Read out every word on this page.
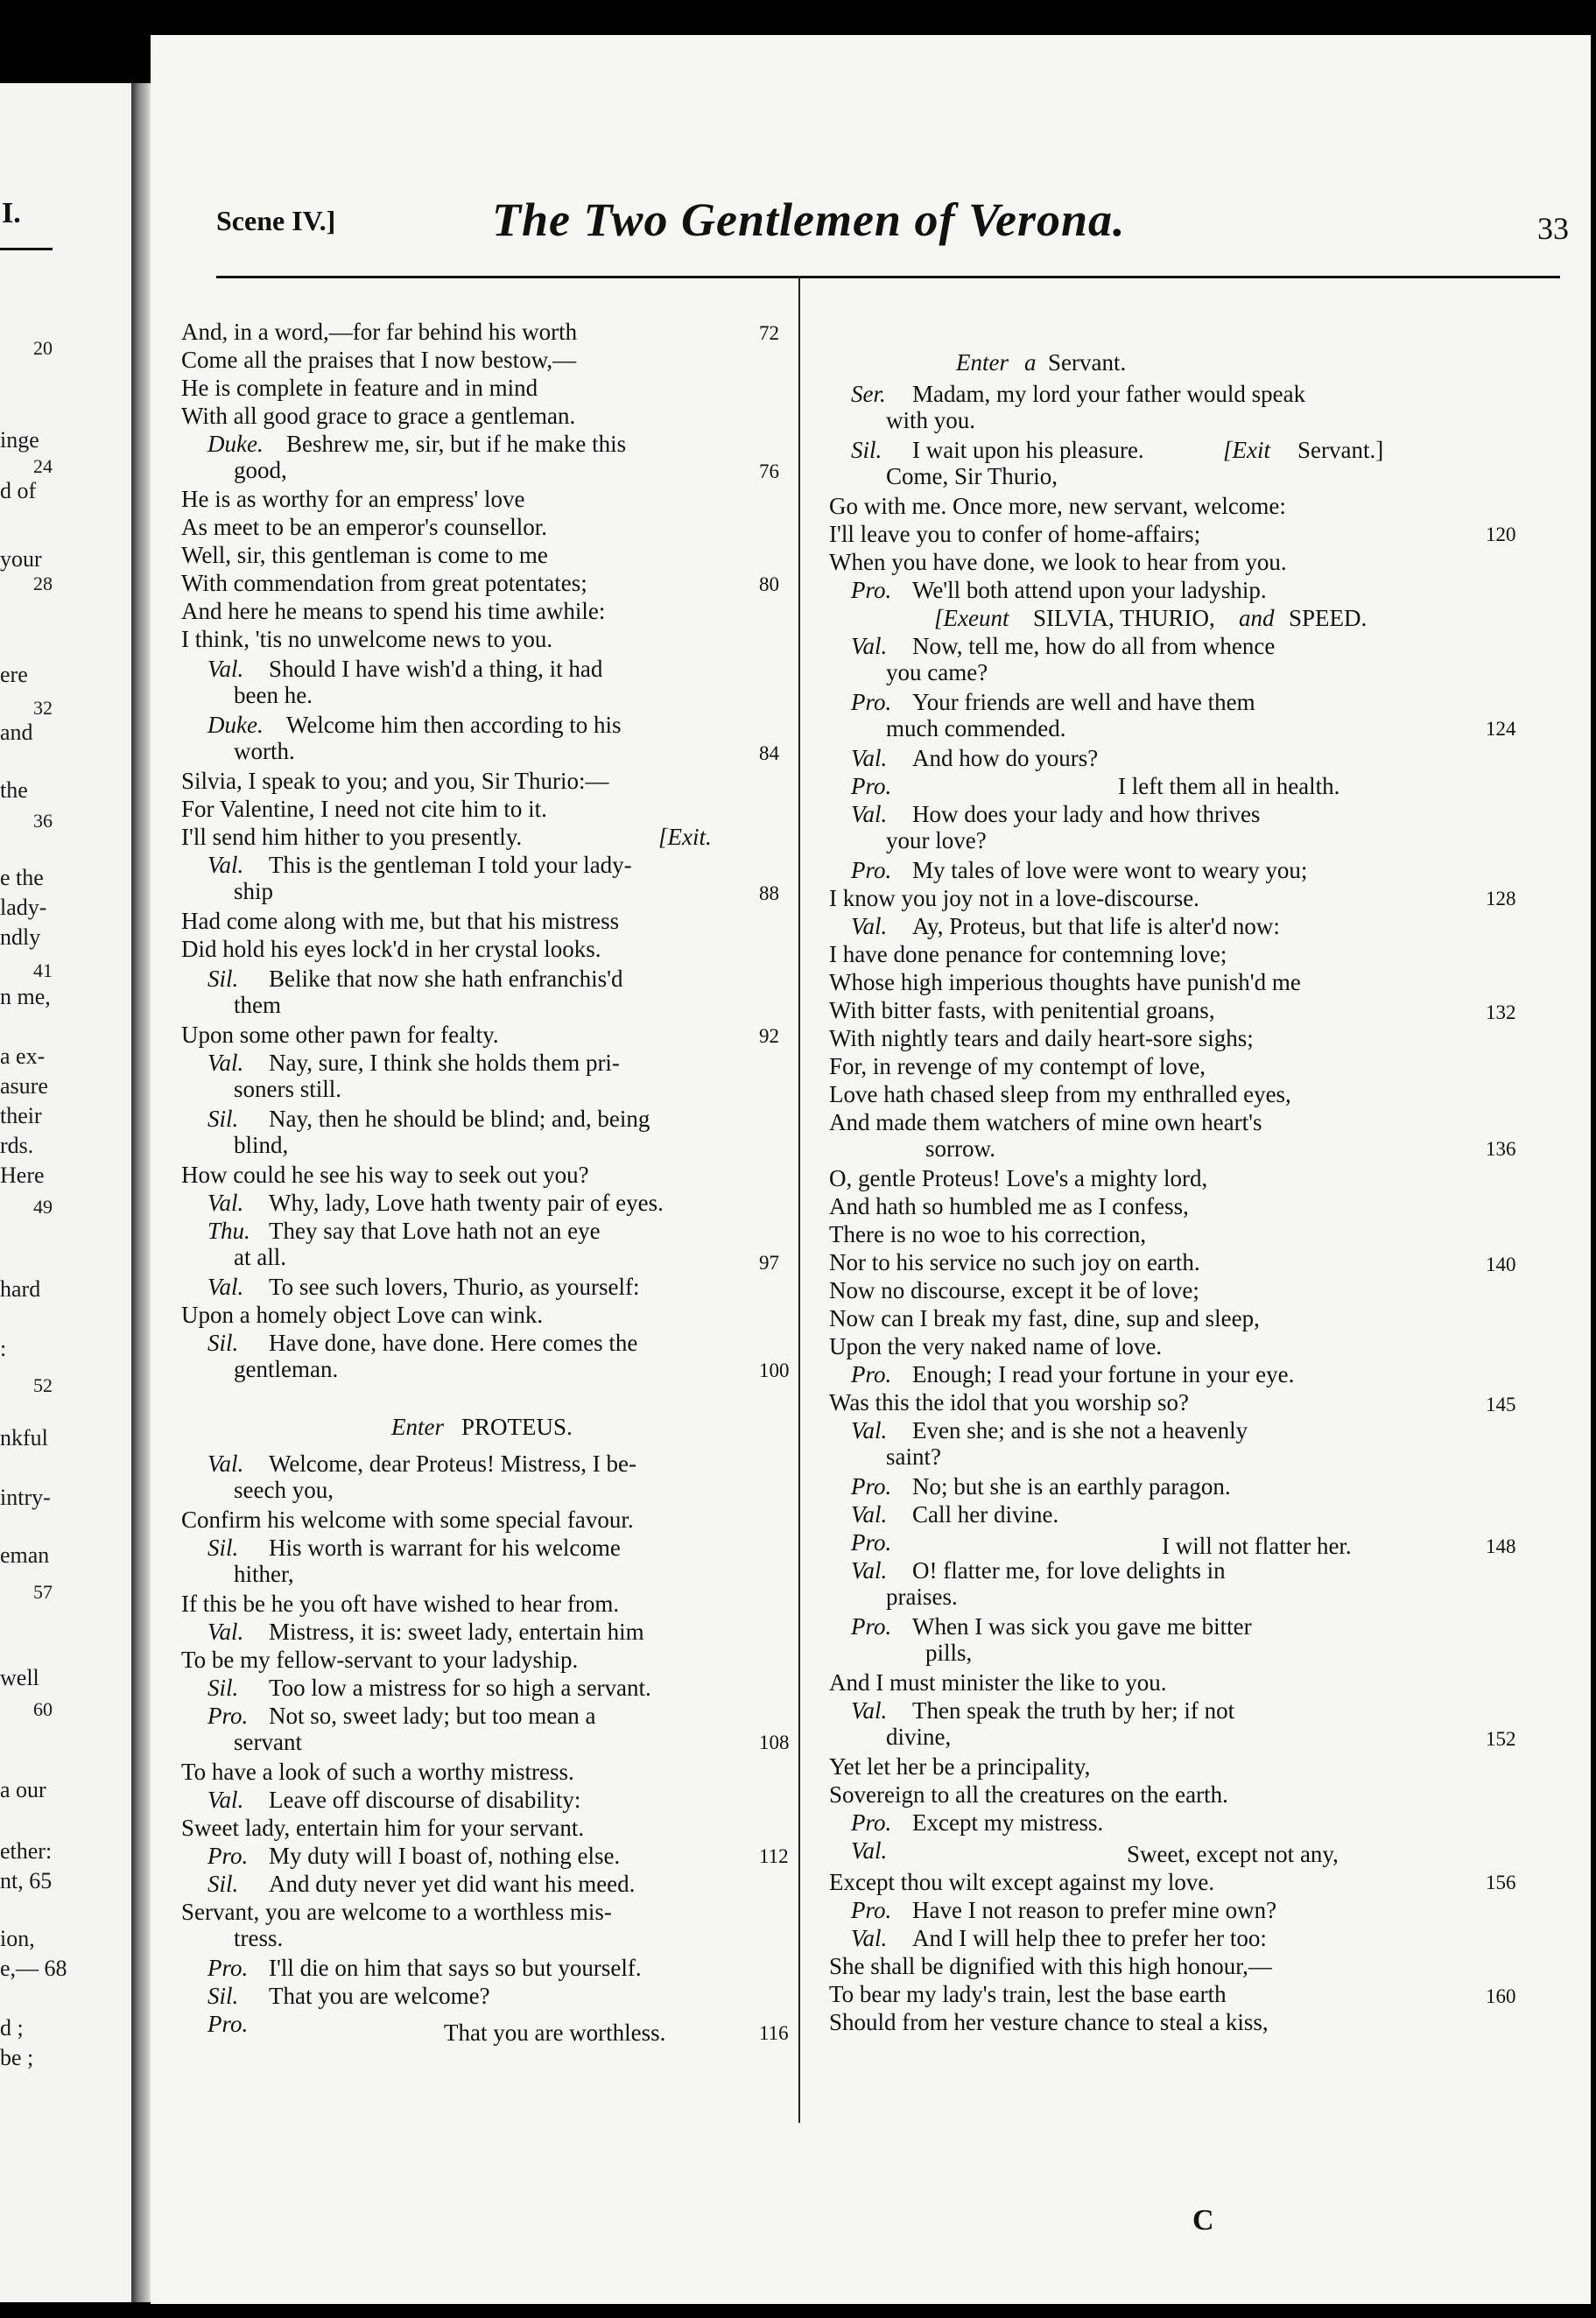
I.
20
inge
24
d of
your
28
ere
32
and
the
36
e the
lady-
ndly
41
n me,
a ex-
asure
their
rds.
Here
49
hard
:
52
nkful
intry-
eman
57
well
60
a our
ether:
nt, 65
ion,
e,— 68
d ;
be ;
Scene IV.]	The Two Gentlemen of Verona.	33
And, in a word,—for far behind his worth
Come all the praises that I now bestow,—
He is complete in feature and in mind
With all good grace to grace a gentleman.
Duke. Beshrew me, sir, but if he make this
good,
He is as worthy for an empress' love
As meet to be an emperor's counsellor.
Well, sir, this gentleman is come to me
With commendation from great potentates;
And here he means to spend his time awhile:
I think, 'tis no unwelcome news to you.
Val. Should I have wish'd a thing, it had
been he.
Duke. Welcome him then according to his
worth.
Silvia, I speak to you; and you, Sir Thurio:—
For Valentine, I need not cite him to it.
I'll send him hither to you presently.	[Exit.
Val. This is the gentleman I told your lady-
ship
Had come along with me, but that his mistress
Did hold his eyes lock'd in her crystal looks.
Sil. Belike that now she hath enfranchis'd
them
Upon some other pawn for fealty.
Val. Nay, sure, I think she holds them pri-
soners still.
Sil. Nay, then he should be blind; and, being
blind,
How could he see his way to seek out you?
Val. Why, lady, Love hath twenty pair of eyes.
Thu. They say that Love hath not an eye
at all.
Val. To see such lovers, Thurio, as yourself:
Upon a homely object Love can wink.
Sil. Have done, have done. Here comes the
gentleman.
Enter PROTEUS.
Val. Welcome, dear Proteus! Mistress, I be-
seech you,
Confirm his welcome with some special favour.
Sil. His worth is warrant for his welcome
hither,
If this be he you oft have wished to hear from.
Val. Mistress, it is: sweet lady, entertain him
To be my fellow-servant to your ladyship.
Sil. Too low a mistress for so high a servant.
Pro. Not so, sweet lady; but too mean a
servant
To have a look of such a worthy mistress.
Val. Leave off discourse of disability:
Sweet lady, entertain him for your servant.
Pro. My duty will I boast of, nothing else.
Sil. And duty never yet did want his meed.
Servant, you are welcome to a worthless mis-
tress.
Pro. I'll die on him that says so but yourself.
Sil. That you are welcome?
Pro.	That you are worthless.
72
76
80
84
88
92
97
100
108
112
116
Enter a Servant.
Ser. Madam, my lord your father would speak
with you.
Sil. I wait upon his pleasure.	[Exit Servant.]
Come, Sir Thurio,
Go with me. Once more, new servant, welcome:
I'll leave you to confer of home-affairs;
When you have done, we look to hear from you.
Pro. We'll both attend upon your ladyship.
[Exeunt SILVIA, THURIO, and SPEED.
Val. Now, tell me, how do all from whence
you came?
Pro. Your friends are well and have them
much commended.
Val. And how do yours?
Pro.	I left them all in health.
Val. How does your lady and how thrives
your love?
Pro. My tales of love were wont to weary you;
I know you joy not in a love-discourse.
Val. Ay, Proteus, but that life is alter'd now:
I have done penance for contemning love;
Whose high imperious thoughts have punish'd me
With bitter fasts, with penitential groans,
With nightly tears and daily heart-sore sighs;
For, in revenge of my contempt of love,
Love hath chased sleep from my enthralled eyes,
And made them watchers of mine own heart's
sorrow.
O, gentle Proteus! Love's a mighty lord,
And hath so humbled me as I confess,
There is no woe to his correction,
Nor to his service no such joy on earth.
Now no discourse, except it be of love;
Now can I break my fast, dine, sup and sleep,
Upon the very naked name of love.
Pro. Enough; I read your fortune in your eye.
Was this the idol that you worship so?
Val. Even she; and is she not a heavenly
saint?
Pro. No; but she is an earthly paragon.
Val. Call her divine.
Pro.	I will not flatter her.
Val. O! flatter me, for love delights in
praises.
Pro. When I was sick you gave me bitter
pills,
And I must minister the like to you.
Val. Then speak the truth by her; if not
divine,
Yet let her be a principality,
Sovereign to all the creatures on the earth.
Pro. Except my mistress.
Val.	Sweet, except not any,
Except thou wilt except against my love.
Pro. Have I not reason to prefer mine own?
Val. And I will help thee to prefer her too:
She shall be dignified with this high honour,—
To bear my lady's train, lest the base earth
Should from her vesture chance to steal a kiss,
120
124
128
132
136
140
145
148
152
156
160
C
